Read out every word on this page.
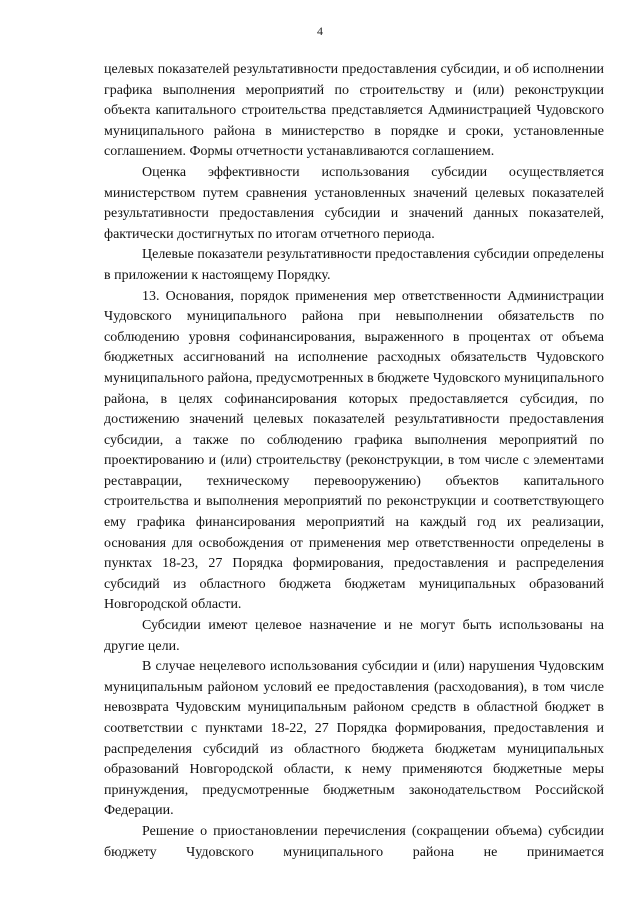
4

целевых показателей результативности предоставления субсидии, и об исполнении графика выполнения мероприятий по строительству и (или) реконструкции объекта капитального строительства представляется Администрацией Чудовского муниципального района в министерство в порядке и сроки, установленные соглашением. Формы отчетности устанавливаются соглашением.

Оценка эффективности использования субсидии осуществляется министерством путем сравнения установленных значений целевых показателей результативности предоставления субсидии и значений данных показателей, фактически достигнутых по итогам отчетного периода.

Целевые показатели результативности предоставления субсидии определены в приложении к настоящему Порядку.

13. Основания, порядок применения мер ответственности Администрации Чудовского муниципального района при невыполнении обязательств по соблюдению уровня софинансирования, выраженного в процентах от объема бюджетных ассигнований на исполнение расходных обязательств Чудовского муниципального района, предусмотренных в бюджете Чудовского муниципального района, в целях софинансирования которых предоставляется субсидия, по достижению значений целевых показателей результативности предоставления субсидии, а также по соблюдению графика выполнения мероприятий по проектированию и (или) строительству (реконструкции, в том числе с элементами реставрации, техническому перевооружению) объектов капитального строительства и выполнения мероприятий по реконструкции и соответствующего ему графика финансирования мероприятий на каждый год их реализации, основания для освобождения от применения мер ответственности определены в пунктах 18-23, 27 Порядка формирования, предоставления и распределения субсидий из областного бюджета бюджетам муниципальных образований Новгородской области.

Субсидии имеют целевое назначение и не могут быть использованы на другие цели.

В случае нецелевого использования субсидии и (или) нарушения Чудовским муниципальным районом условий ее предоставления (расходования), в том числе невозврата Чудовским муниципальным районом средств в областной бюджет в соответствии с пунктами 18-22, 27 Порядка формирования, предоставления и распределения субсидий из областного бюджета бюджетам муниципальных образований Новгородской области, к нему применяются бюджетные меры принуждения, предусмотренные бюджетным законодательством Российской Федерации.

Решение о приостановлении перечисления (сокращении объема) субсидии бюджету Чудовского муниципального района не принимается
